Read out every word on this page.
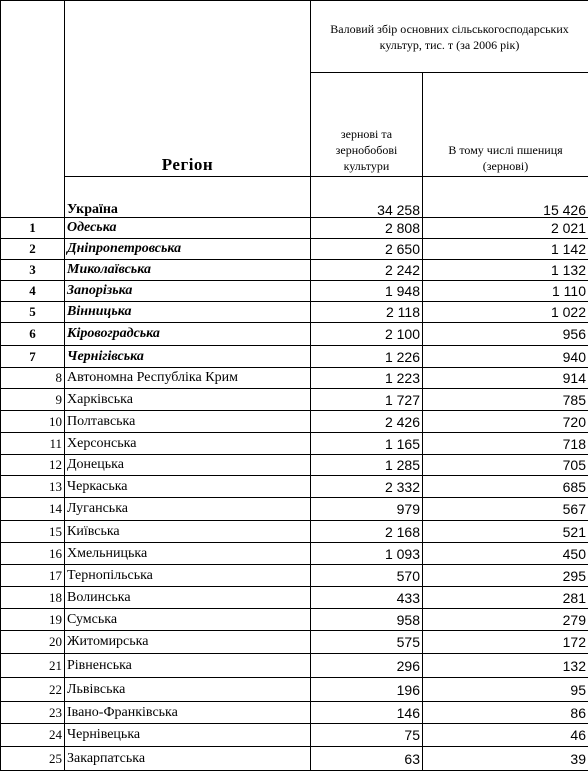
	Регіон	Валовий збір основних сільськогосподарських культур, тис. т (за 2006 рік)	
		зернові та зернобобові культури	В тому числі пшениця (зернові)
	Україна	34 258	15 426
1	Одеська	2 808	2 021
2	Дніпропетровська	2 650	1 142
3	Миколаївська	2 242	1 132
4	Запорізька	1 948	1 110
5	Вінницька	2 118	1 022
6	Кіровоградська	2 100	956
7	Чернігівська	1 226	940
8	Автономна Республіка Крим	1 223	914
9	Харківська	1 727	785
10	Полтавська	2 426	720
11	Херсонська	1 165	718
12	Донецька	1 285	705
13	Черкаська	2 332	685
14	Луганська	979	567
15	Київська	2 168	521
16	Хмельницька	1 093	450
17	Тернопільська	570	295
18	Волинська	433	281
19	Сумська	958	279
20	Житомирська	575	172
21	Рівненська	296	132
22	Львівська	196	95
23	Івано-Франківська	146	86
24	Чернівецька	75	46
25	Закарпатська	63	39
